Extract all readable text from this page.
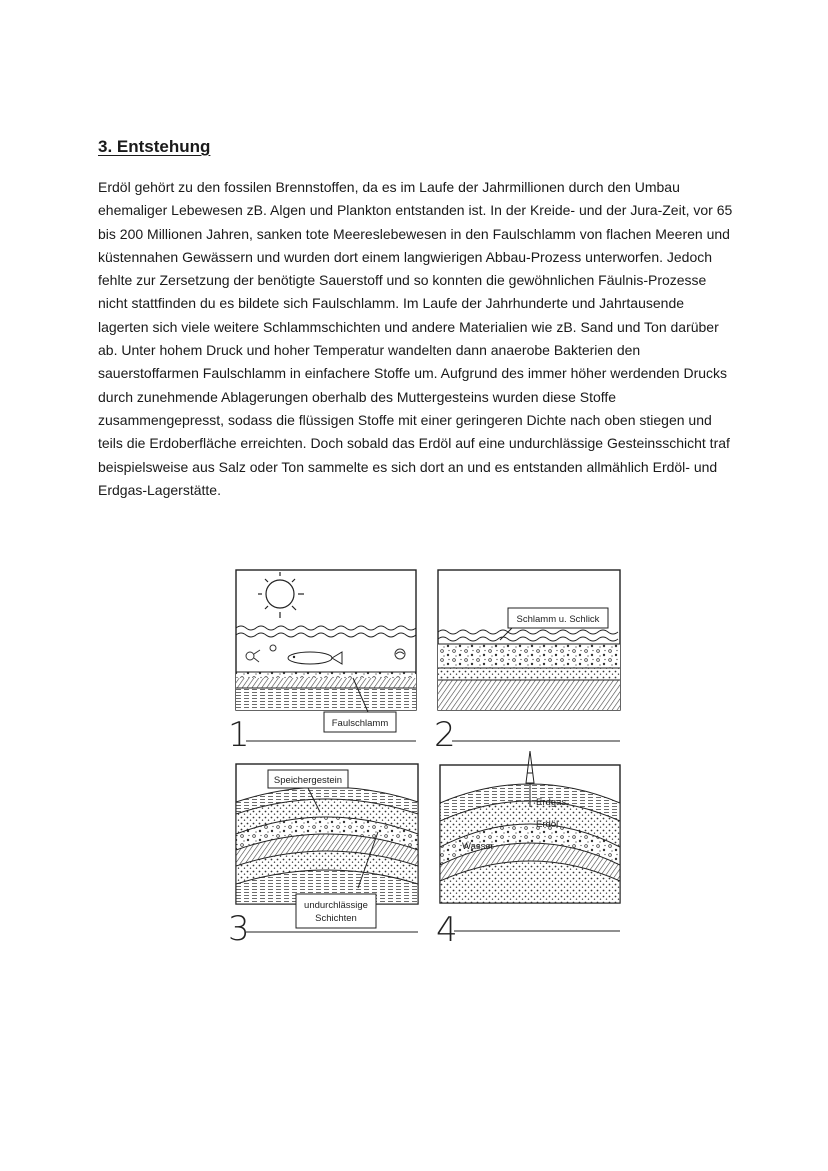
3. Entstehung

Erdöl gehört zu den fossilen Brennstoffen, da es im Laufe der Jahrmillionen durch den Umbau ehemaliger Lebewesen zB. Algen und Plankton entstanden ist. In der Kreide- und der Jura-Zeit, vor 65 bis 200 Millionen Jahren, sanken tote Meereslebewesen in den Faulschlamm von flachen Meeren und küstennahen Gewässern und wurden dort einem langwierigen Abbau-Prozess unterworfen. Jedoch fehlte zur Zersetzung der benötigte Sauerstoff und so konnten die gewöhnlichen Fäulnis-Prozesse nicht stattfinden du es bildete sich Faulschlamm. Im Laufe der Jahrhunderte und Jahrtausende lagerten sich viele weitere Schlammschichten und andere Materialien wie zB. Sand und Ton darüber ab. Unter hohem Druck und hoher Temperatur wandelten dann anaerobe Bakterien den sauerstoffarmen Faulschlamm in einfachere Stoffe um. Aufgrund des immer höher werdenden Drucks durch zunehmende Ablagerungen oberhalb des Muttergesteins wurden diese Stoffe zusammengepresst, sodass die flüssigen Stoffe mit einer geringeren Dichte nach oben stiegen und teils die Erdoberfläche erreichten. Doch sobald das Erdöl auf eine undurchlässige Gesteinsschicht traf beispielsweise aus Salz oder Ton sammelte es sich dort an und es entstanden allmählich Erdöl- und Erdgas-Lagerstätte.

Faulschlamm
1
Schlamm u. Schlick
2
Speichergestein
undurchlässige
Schichten
3
Erdgas
Erdöl
Wasser
4
